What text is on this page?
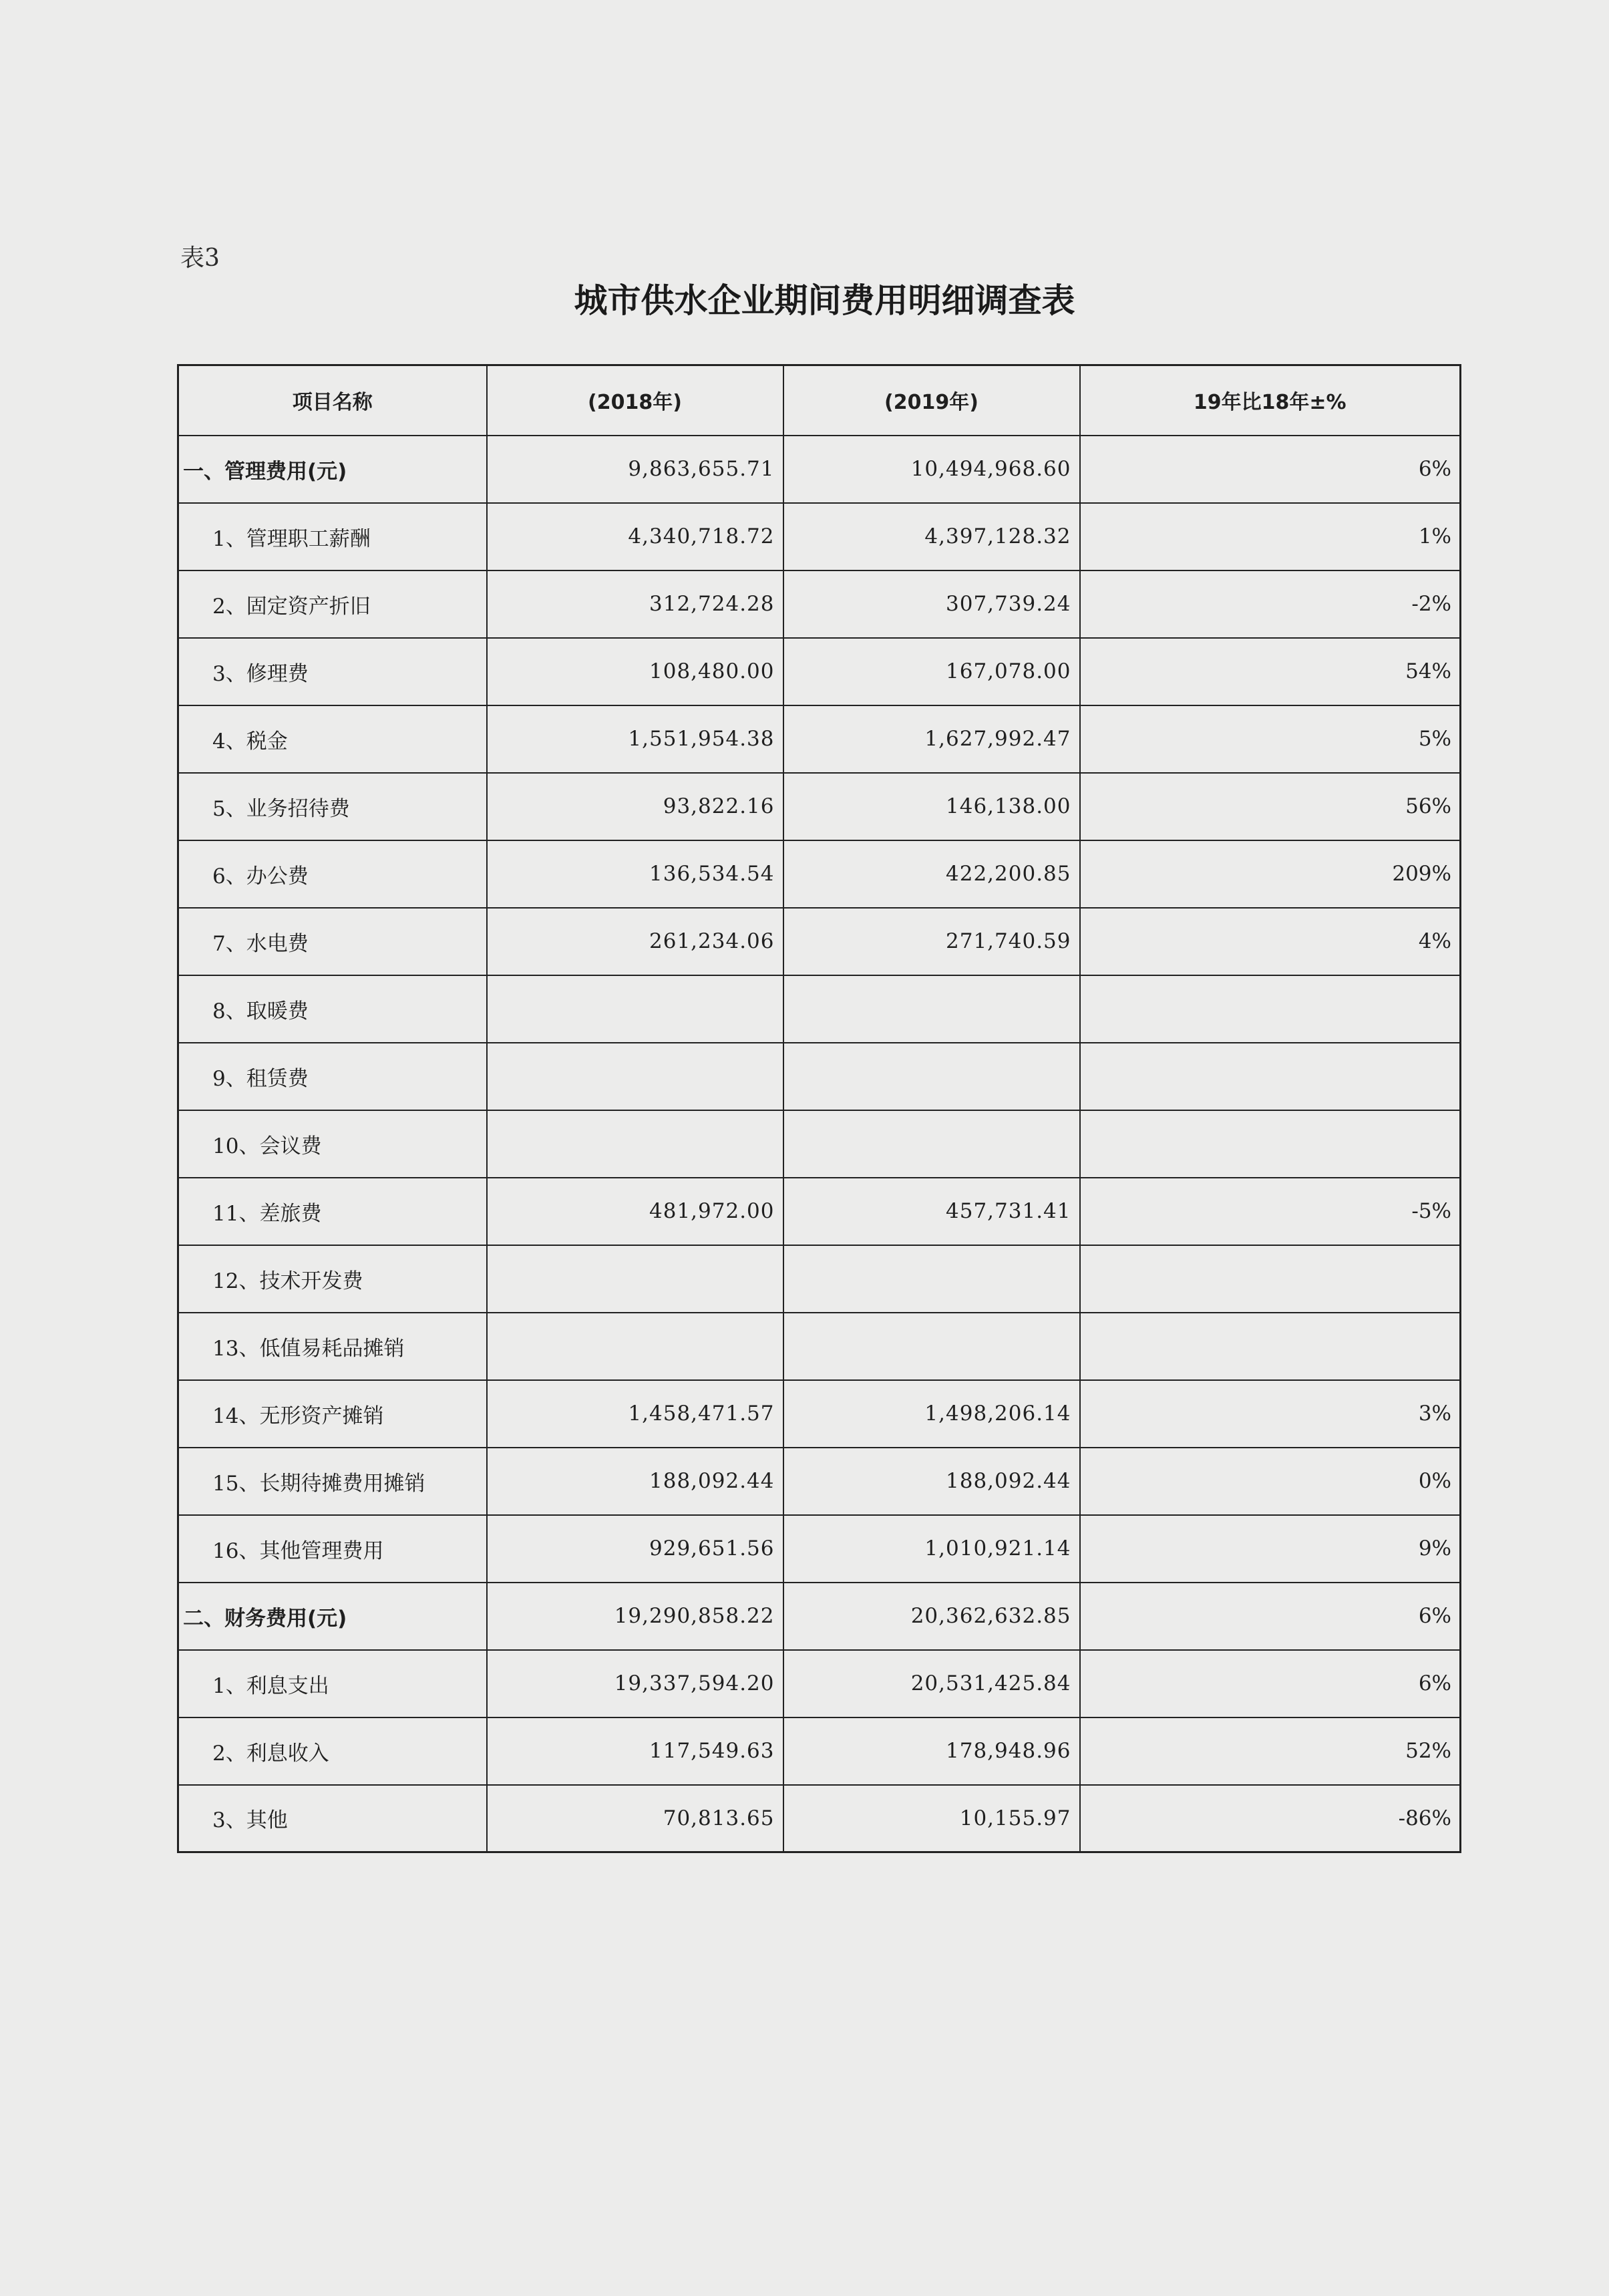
表3
城市供水企业期间费用明细调查表
项目名称	(2018年)	(2019年)	19年比18年±%
一、管理费用(元)	9,863,655.71	10,494,968.60	6%
1、管理职工薪酬	4,340,718.72	4,397,128.32	1%
2、固定资产折旧	312,724.28	307,739.24	-2%
3、修理费	108,480.00	167,078.00	54%
4、税金	1,551,954.38	1,627,992.47	5%
5、业务招待费	93,822.16	146,138.00	56%
6、办公费	136,534.54	422,200.85	209%
7、水电费	261,234.06	271,740.59	4%
8、取暖费			
9、租赁费			
10、会议费			
11、差旅费	481,972.00	457,731.41	-5%
12、技术开发费			
13、低值易耗品摊销			
14、无形资产摊销	1,458,471.57	1,498,206.14	3%
15、长期待摊费用摊销	188,092.44	188,092.44	0%
16、其他管理费用	929,651.56	1,010,921.14	9%
二、财务费用(元)	19,290,858.22	20,362,632.85	6%
1、利息支出	19,337,594.20	20,531,425.84	6%
2、利息收入	117,549.63	178,948.96	52%
3、其他	70,813.65	10,155.97	-86%
